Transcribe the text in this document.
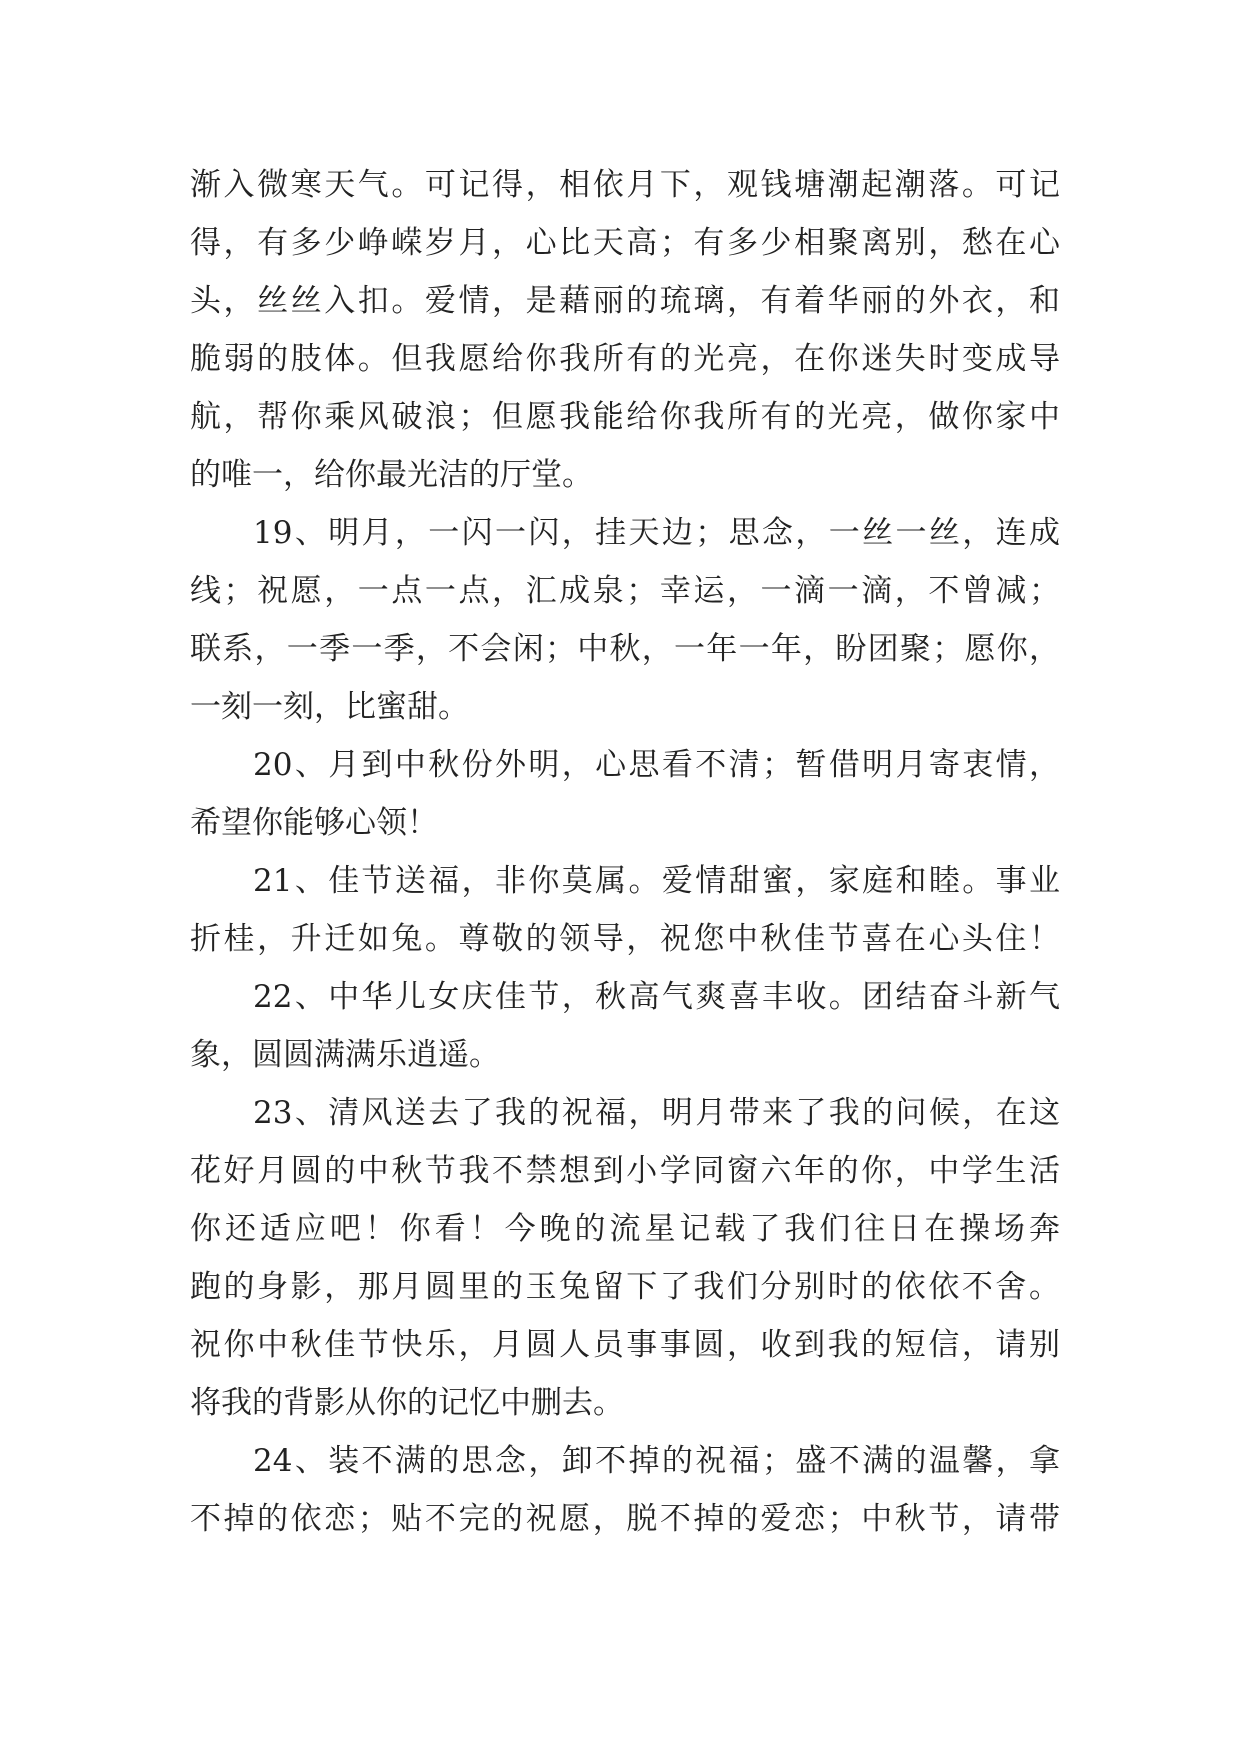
渐入微寒天气。可记得，相依月下，观钱塘潮起潮落。可记
得，有多少峥嵘岁月，心比天高；有多少相聚离别，愁在心
头，丝丝入扣。爱情，是藉丽的琉璃，有着华丽的外衣，和
脆弱的肢体。但我愿给你我所有的光亮，在你迷失时变成导
航，帮你乘风破浪；但愿我能给你我所有的光亮，做你家中
的唯一，给你最光洁的厅堂。
19、明月，一闪一闪，挂天边；思念，一丝一丝，连成
线；祝愿，一点一点，汇成泉；幸运，一滴一滴，不曾减；
联系，一季一季，不会闲；中秋，一年一年，盼团聚；愿你，
一刻一刻，比蜜甜。
20、月到中秋份外明，心思看不清；暂借明月寄衷情，
希望你能够心领！
21、佳节送福，非你莫属。爱情甜蜜，家庭和睦。事业
折桂，升迁如兔。尊敬的领导，祝您中秋佳节喜在心头住！
22、中华儿女庆佳节，秋高气爽喜丰收。团结奋斗新气
象，圆圆满满乐逍遥。
23、清风送去了我的祝福，明月带来了我的问候，在这
花好月圆的中秋节我不禁想到小学同窗六年的你，中学生活
你还适应吧！你看！今晚的流星记载了我们往日在操场奔
跑的身影，那月圆里的玉兔留下了我们分别时的依依不舍。
祝你中秋佳节快乐，月圆人员事事圆，收到我的短信，请别
将我的背影从你的记忆中删去。
24、装不满的思念，卸不掉的祝福；盛不满的温馨，拿
不掉的依恋；贴不完的祝愿，脱不掉的爱恋；中秋节，请带
